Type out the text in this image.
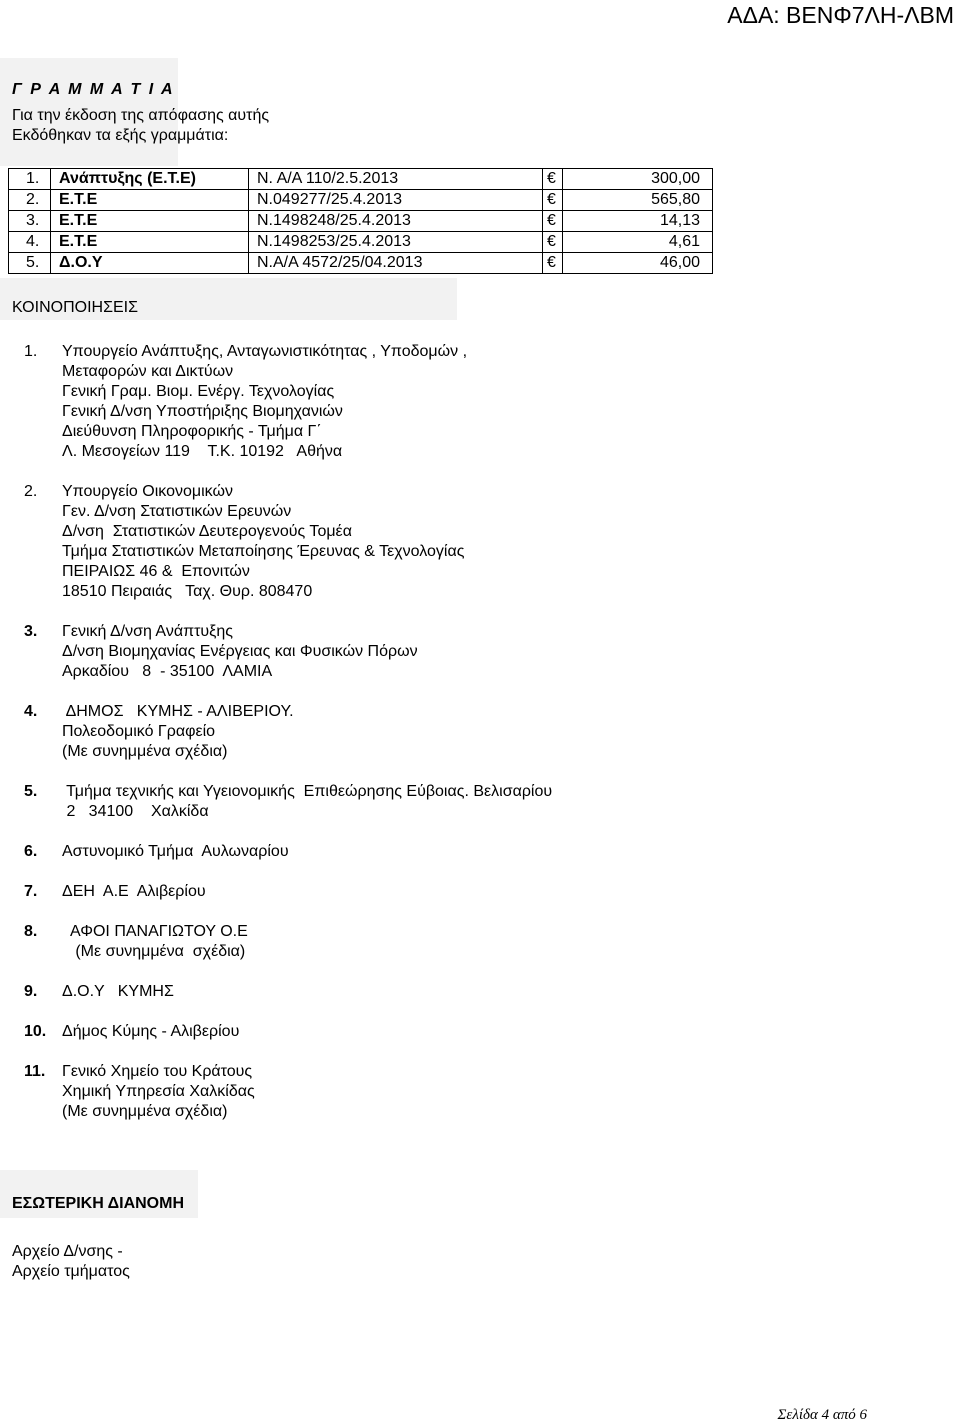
ΑΔΑ: ΒΕΝΦ7ΛΗ-ΛΒΜ
Γ Ρ Α Μ Μ Α Τ Ι Α
Για την έκδοση της απόφασης αυτής
Εκδόθηκαν τα εξής γραμμάτια:
1.	Ανάπτυξης (Ε.Τ.Ε)	Ν. Α/Α 110/2.5.2013	€	300,00
2.	Ε.Τ.Ε	Ν.049277/25.4.2013	€	565,80
3.	Ε.Τ.Ε	Ν.1498248/25.4.2013	€	14,13
4.	Ε.Τ.Ε	Ν.1498253/25.4.2013	€	4,61
5.	Δ.Ο.Υ	Ν.Α/Α 4572/25/04.2013	€	46,00
ΚΟΙΝΟΠΟΙΗΣΕΙΣ
1. Υπουργείο Ανάπτυξης, Ανταγωνιστικότητας , Υποδομών ,
Μεταφορών και Δικτύων
Γενική Γραμ. Βιομ. Ενέργ. Τεχνολογίας
Γενική Δ/νση Υποστήριξης Βιομηχανιών
Διεύθυνση Πληροφορικής - Τμήμα Γ΄
Λ. Μεσογείων 119    Τ.Κ. 10192   Αθήνα
2. Υπουργείο Οικονομικών
Γεν. Δ/νση Στατιστικών Ερευνών
Δ/νση  Στατιστικών Δευτερογενούς Τομέα
Τμήμα Στατιστικών Μεταποίησης Έρευνας & Τεχνολογίας
ΠΕΙΡΑΙΩΣ 46 &  Επονιτών
18510 Πειραιάς   Ταχ. Θυρ. 808470
3. Γενική Δ/νση Ανάπτυξης
Δ/νση Βιομηχανίας Ενέργειας και Φυσικών Πόρων
Αρκαδίου   8  - 35100  ΛΑΜΙΑ
4. ΔΗΜΟΣ   ΚΥΜΗΣ - ΑΛΙΒΕΡΙΟΥ.
Πολεοδομικό Γραφείο
(Με συνημμένα σχέδια)
5. Τμήμα τεχνικής και Υγειονομικής  Επιθεώρησης Εύβοιας. Βελισαρίου
2   34100    Χαλκίδα
6. Αστυνομικό Τμήμα  Αυλωναρίου
7. ΔΕΗ  Α.Ε  Αλιβερίου
8. ΑΦΟΙ ΠΑΝΑΓΙΩΤΟΥ Ο.Ε
(Με συνημμένα  σχέδια)
9. Δ.Ο.Υ   ΚΥΜΗΣ
10. Δήμος Κύμης - Αλιβερίου
11. Γενικό Χημείο του Κράτους
Χημική Υπηρεσία Χαλκίδας
(Με συνημμένα σχέδια)
ΕΣΩΤΕΡΙΚΗ ΔΙΑΝΟΜΗ
Αρχείο Δ/νσης -
Αρχείο τμήματος
Σελίδα 4 από 6
